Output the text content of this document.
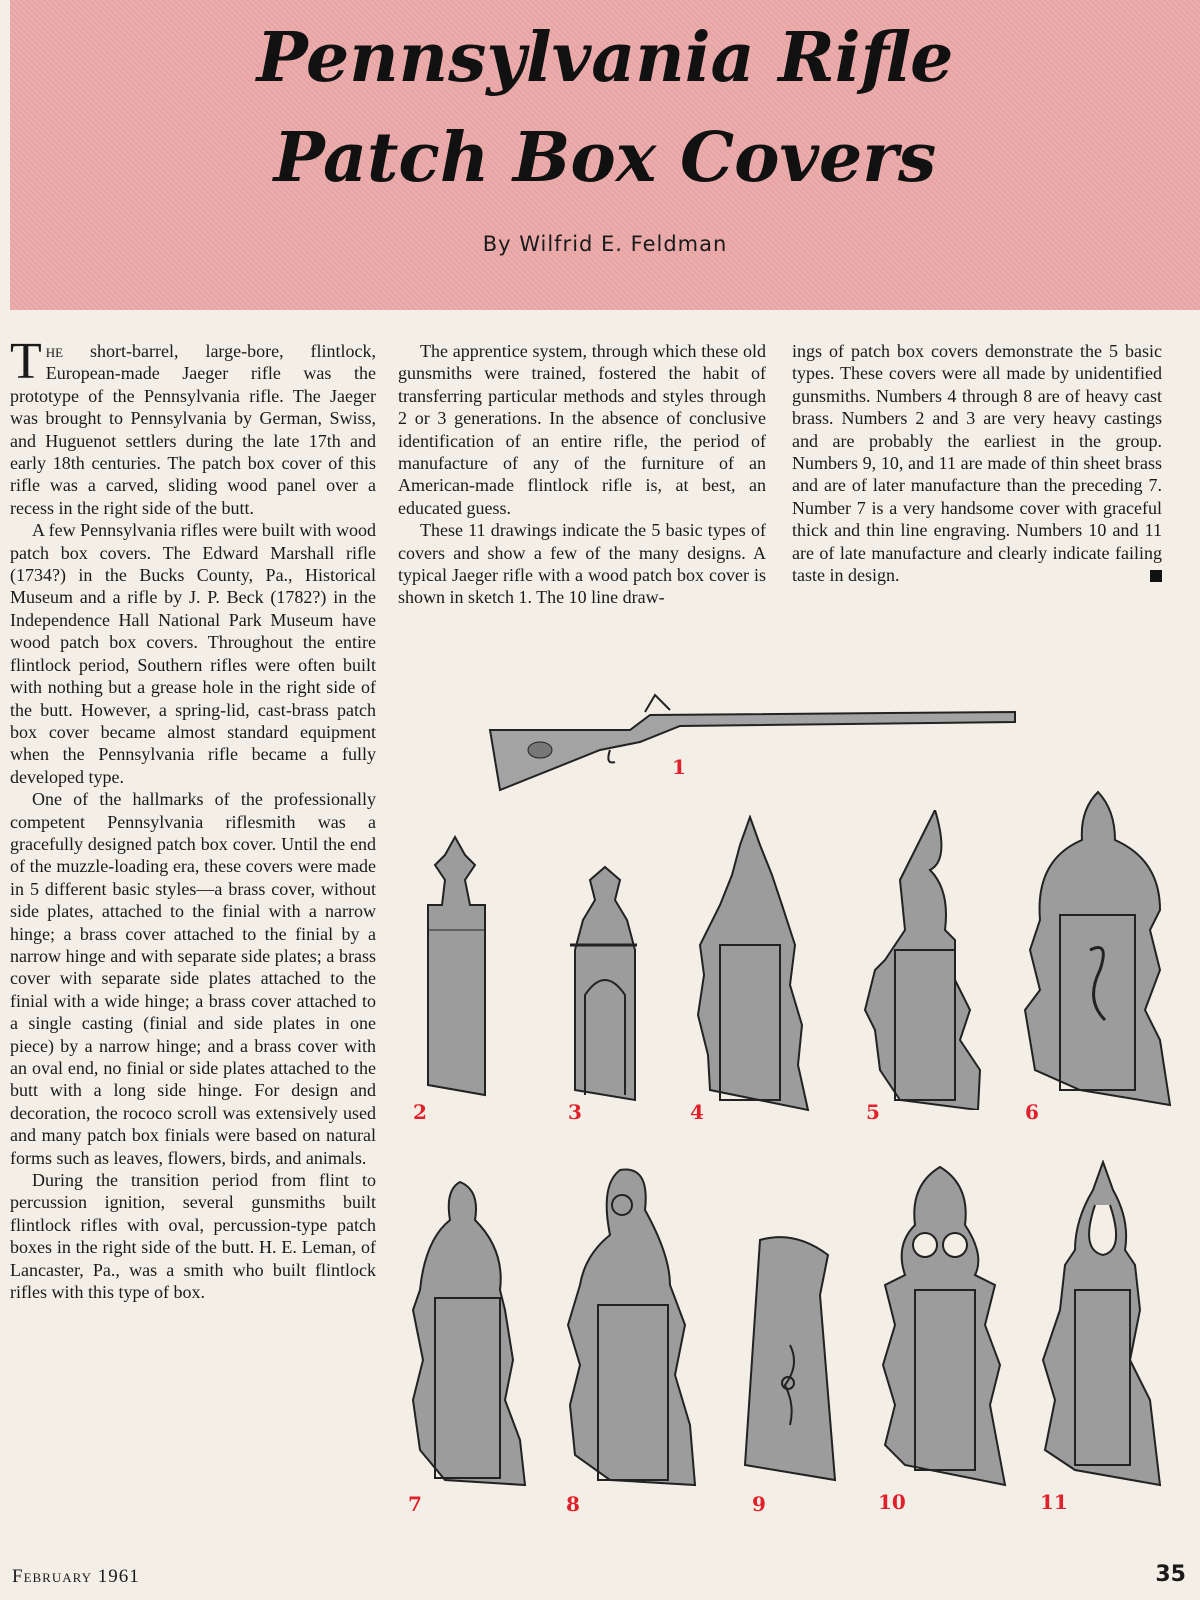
Pennsylvania Rifle
Patch Box Covers
By Wilfrid E. Feldman

The short-barrel, large-bore, flintlock, European-made Jaeger rifle was the prototype of the Pennsylvania rifle. The Jaeger was brought to Pennsylvania by German, Swiss, and Huguenot settlers during the late 17th and early 18th centuries. The patch box cover of this rifle was a carved, sliding wood panel over a recess in the right side of the butt.

A few Pennsylvania rifles were built with wood patch box covers. The Edward Marshall rifle (1734?) in the Bucks County, Pa., Historical Museum and a rifle by J. P. Beck (1782?) in the Independence Hall National Park Museum have wood patch box covers. Throughout the entire flintlock period, Southern rifles were often built with nothing but a grease hole in the right side of the butt. However, a spring-lid, cast-brass patch box cover became almost standard equipment when the Pennsylvania rifle became a fully developed type.

One of the hallmarks of the professionally competent Pennsylvania riflesmith was a gracefully designed patch box cover. Until the end of the muzzle-loading era, these covers were made in 5 different basic styles—a brass cover, without side plates, attached to the finial with a narrow hinge; a brass cover attached to the finial by a narrow hinge and with separate side plates; a brass cover with separate side plates attached to the finial with a wide hinge; a brass cover attached to a single casting (finial and side plates in one piece) by a narrow hinge; and a brass cover with an oval end, no finial or side plates attached to the butt with a long side hinge. For design and decoration, the rococo scroll was extensively used and many patch box finials were based on natural forms such as leaves, flowers, birds, and animals.

During the transition period from flint to percussion ignition, several gunsmiths built flintlock rifles with oval, percussion-type patch boxes in the right side of the butt. H. E. Leman, of Lancaster, Pa., was a smith who built flintlock rifles with this type of box.

The apprentice system, through which these old gunsmiths were trained, fostered the habit of transferring particular methods and styles through 2 or 3 generations. In the absence of conclusive identification of an entire rifle, the period of manufacture of any of the furniture of an American-made flintlock rifle is, at best, an educated guess.

These 11 drawings indicate the 5 basic types of covers and show a few of the many designs. A typical Jaeger rifle with a wood patch box cover is shown in sketch 1. The 10 line draw-

ings of patch box covers demonstrate the 5 basic types. These covers were all made by unidentified gunsmiths. Numbers 4 through 8 are of heavy cast brass. Numbers 2 and 3 are very heavy castings and are probably the earliest in the group. Numbers 9, 10, and 11 are made of thin sheet brass and are of later manufacture than the preceding 7. Number 7 is a very handsome cover with graceful thick and thin line engraving. Numbers 10 and 11 are of late manufacture and clearly indicate failing taste in design.

1
2	3	4	5	6
7	8	9	10	11
February 1961	35
